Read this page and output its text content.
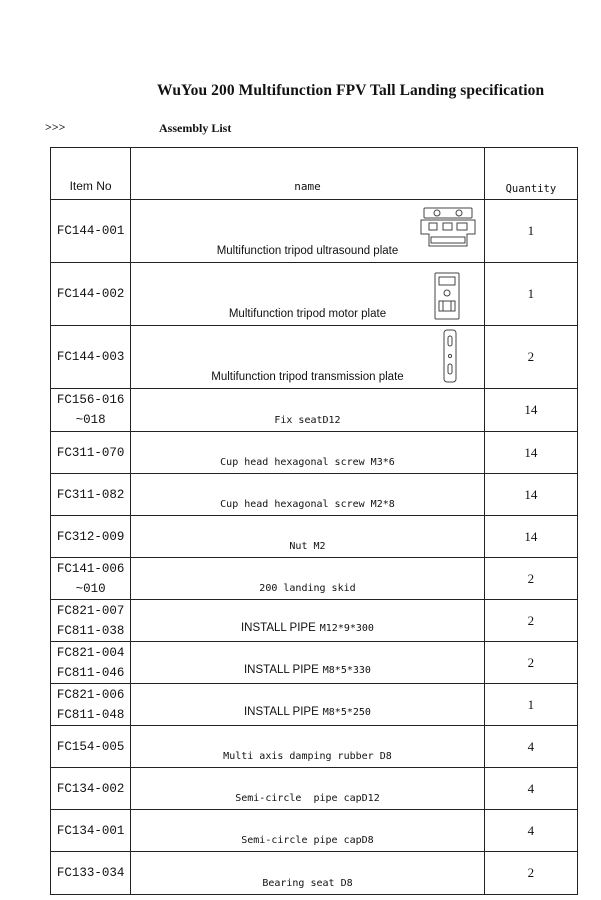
WuYou 200 Multifunction FPV Tall Landing specification
>>>	Assembly List
Item No	name	Quantity

FC144-001	Multifunction tripod ultrasound plate	1

FC144-002	Multifunction tripod motor plate	1

FC144-003	Multifunction tripod transmission plate	2

FC156-016
~018	Fix seatD12	14

FC311-070	Cup head hexagonal screw M3*6	14

FC311-082	Cup head hexagonal screw M2*8	14

FC312-009	Nut M2	14

FC141-006
~010	200 landing skid	2

FC821-007
FC811-038	INSTALL PIPE M12*9*300	2

FC821-004
FC811-046	INSTALL PIPE M8*5*330	2

FC821-006
FC811-048	INSTALL PIPE M8*5*250	1

FC154-005	Multi axis damping rubber D8	4

FC134-002	Semi-circle  pipe capD12	4

FC134-001	Semi-circle pipe capD8	4

FC133-034	Bearing seat D8	2
